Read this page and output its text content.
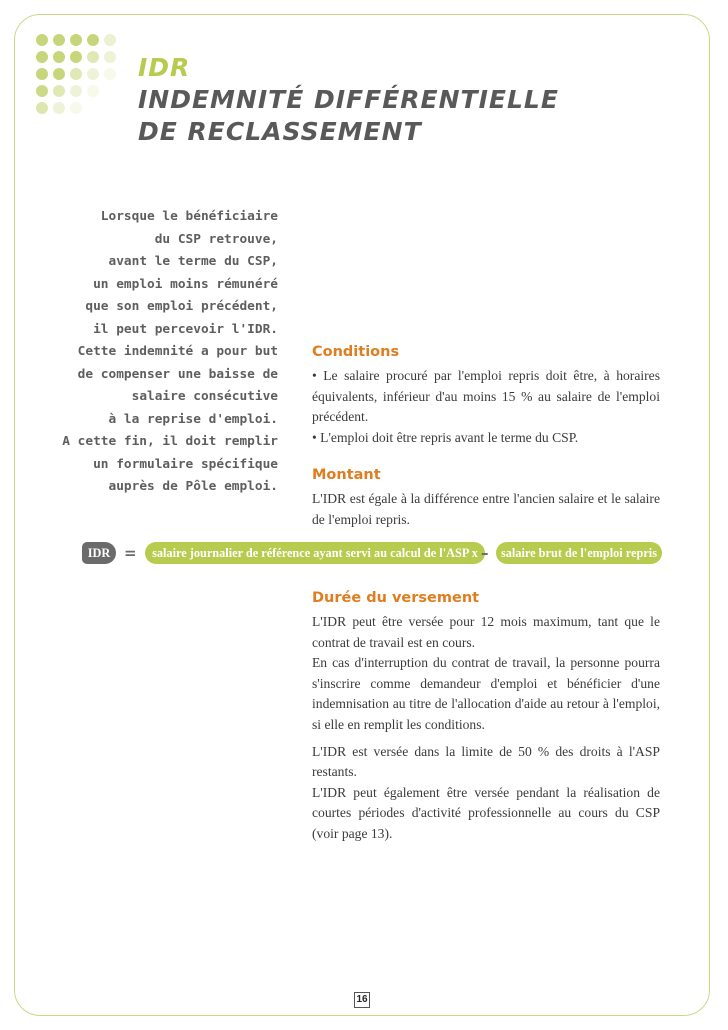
IDR
INDEMNITÉ DIFFÉRENTIELLE
DE RECLASSEMENT
Lorsque le bénéficiaire
du CSP retrouve,
avant le terme du CSP,
un emploi moins rémunéré
que son emploi précédent,
il peut percevoir l'IDR.
Cette indemnité a pour but
de compenser une baisse de
salaire consécutive
à la reprise d'emploi.
A cette fin, il doit remplir
un formulaire spécifique
auprès de Pôle emploi.
Conditions

• Le salaire procuré par l'emploi repris doit être, à horaires équivalents, inférieur d'au moins 15 % au salaire de l'emploi précédent.

• L'emploi doit être repris avant le terme du CSP.

Montant

L'IDR est égale à la différence entre l'ancien salaire et le salaire de l'emploi repris.

IDR =	salaire journalier de référence ayant servi au calcul de l'ASP x 30
–	salaire brut de l'emploi repris
Durée du versement

L'IDR peut être versée pour 12 mois maximum, tant que le contrat de travail est en cours.

En cas d'interruption du contrat de travail, la personne pourra s'inscrire comme demandeur d'emploi et bénéficier d'une indemnisation au titre de l'allocation d'aide au retour à l'emploi, si elle en remplit les conditions.

L'IDR est versée dans la limite de 50 % des droits à l'ASP restants.

L'IDR peut également être versée pendant la réalisation de courtes périodes d'activité professionnelle au cours du CSP (voir page 13).

16
